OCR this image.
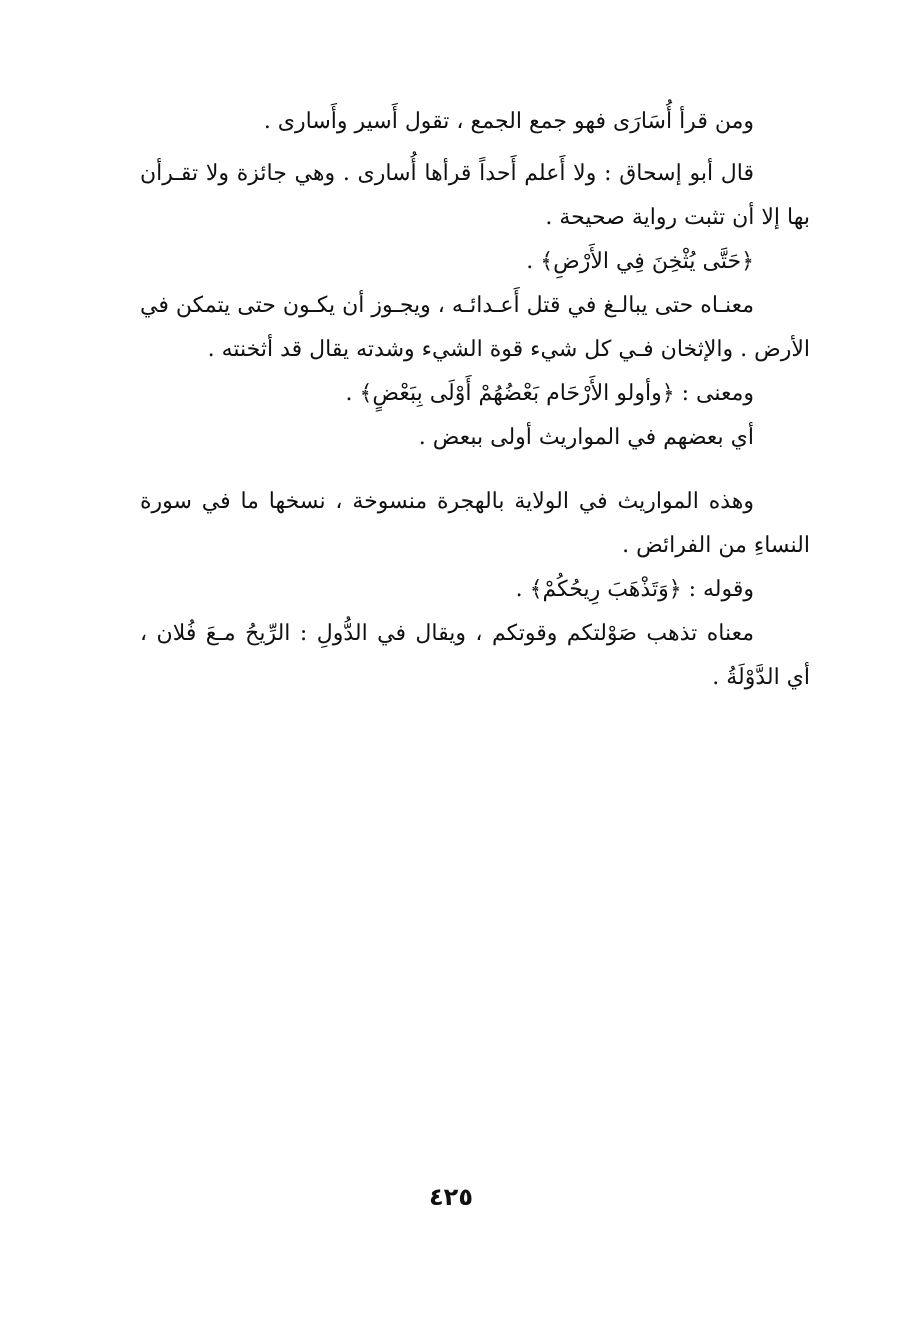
ومن قرأ أُسَارَى فهو جمع الجمع ، تقول أَسير وأَسارى .

قال أبو إسحاق : ولا أَعلم أَحداً قرأها أُسارى . وهي جائزة ولا تقـرأن بها إلا أن تثبت رواية صحيحة .

﴿حَتَّى يُثْخِنَ فِي الأَرْضِ﴾ .

معنـاه حتى يبالـغ في قتل أَعـدائـه ، ويجـوز أن يكـون حتى يتمكن في الأرض . والإثخان فـي كل شيء قوة الشيء وشدته يقال قد أثخنته .

ومعنى : ﴿وأولو الأَرْحَام بَعْضُهُمْ أَوْلَى بِبَعْضٍ﴾ .

أي بعضهم في المواريث أولى ببعض .

وهذه المواريث في الولاية بالهجرة منسوخة ، نسخها ما في سورة النساءِ من الفرائض .

وقوله : ﴿وَتَذْهَبَ رِيحُكُمْ﴾ .

معناه تذهب صَوْلتكم وقوتكم ، ويقال في الدُّولِ : الرِّيحُ مـعَ فُلان ، أي الدَّوْلَةُ .

٤٢٥
